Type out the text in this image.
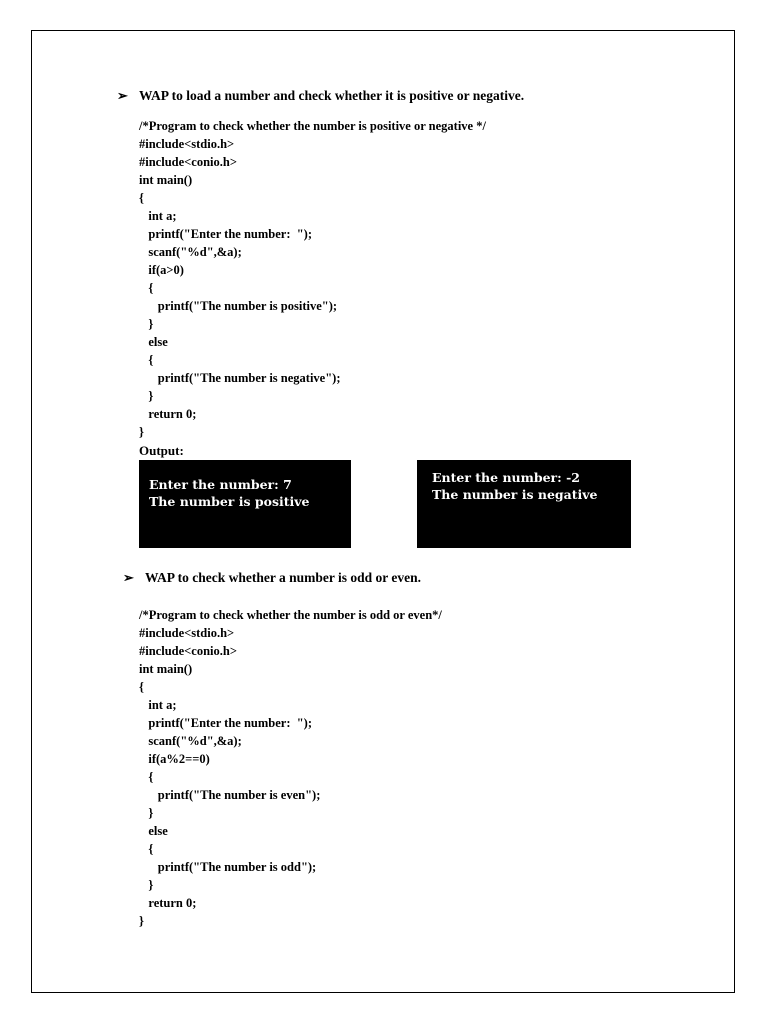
➢ WAP to load a number and check whether it is positive or negative.
/*Program to check whether the number is positive or negative */
#include<stdio.h>
#include<conio.h>
int main()
{
int a;
printf("Enter the number:  ");
scanf("%d",&a);
if(a>0)
{
printf("The number is positive");
}
else
{
printf("The number is negative");
}
return 0;
}
Output:
Enter the number: 7
The number is positive
Enter the number: -2
The number is negative
➢ WAP to check whether a number is odd or even.
/*Program to check whether the number is odd or even*/
#include<stdio.h>
#include<conio.h>
int main()
{
int a;
printf("Enter the number:  ");
scanf("%d",&a);
if(a%2==0)
{
printf("The number is even");
}
else
{
printf("The number is odd");
}
return 0;
}
